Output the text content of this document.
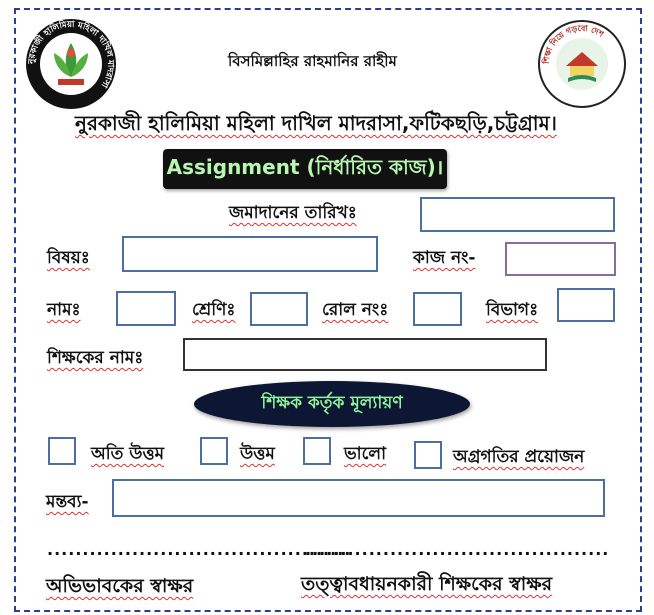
নুরকাজী হালিমিয়া মহিলা দাখিল মাদরাসা
শিক্ষা নিয়ে গড়বো দেশ
বিসমিল্লাহির রাহমানির রাহীম
নুরকাজী হালিমিয়া মহিলা দাখিল মাদরাসা,ফটিকছড়ি,চট্টগ্রাম।
Assignment (নির্ধারিত কাজ)।
জমাদানের তারিখঃ
বিষয়ঃ	কাজ নং-
নামঃ	শ্রেণিঃ	রোল নংঃ	বিভাগঃ
শিক্ষকের নামঃ
শিক্ষক কর্তৃক মূল্যায়ণ
অতি উত্তম	উত্তম	ভালো	অগ্রগতির প্রয়োজন
মন্তব্য-
...........................................
...........................................
অভিভাবকের স্বাক্ষর	তত্ত্বাবধায়নকারী শিক্ষকের স্বাক্ষর
